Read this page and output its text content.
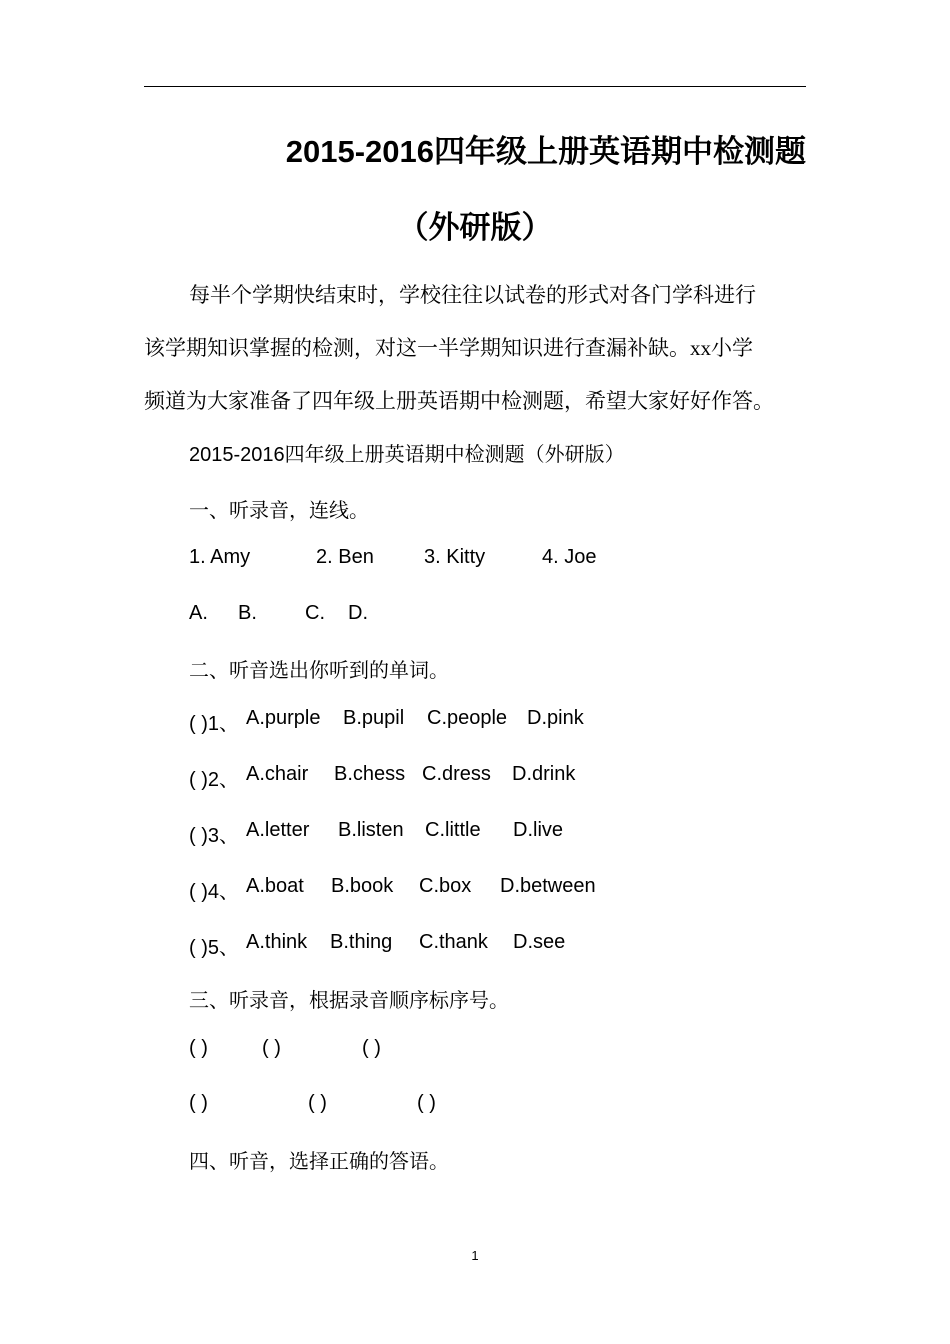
2015-2016四年级上册英语期中检测题
（外研版）

每半个学期快结束时，学校往往以试卷的形式对各门学科进行

该学期知识掌握的检测，对这一半学期知识进行查漏补缺。xx小学

频道为大家准备了四年级上册英语期中检测题，希望大家好好作答。

2015-2016四年级上册英语期中检测题（外研版）
一、听录音，连线。
1. Amy	2. Ben	3. Kitty	4. Joe
A. B. C. D.
二、听音选出你听到的单词。
( )1、 A.purple B.pupil C.people D.pink
( )2、 A.chair B.chess C.dress D.drink
( )3、 A.letter B.listen C.little D.live
( )4、 A.boat B.book C.box D.between
( )5、 A.think B.thing C.thank D.see
三、听录音，根据录音顺序标序号。
( )	( )	( )
( )	( )	( )
四、听音，选择正确的答语。
1
